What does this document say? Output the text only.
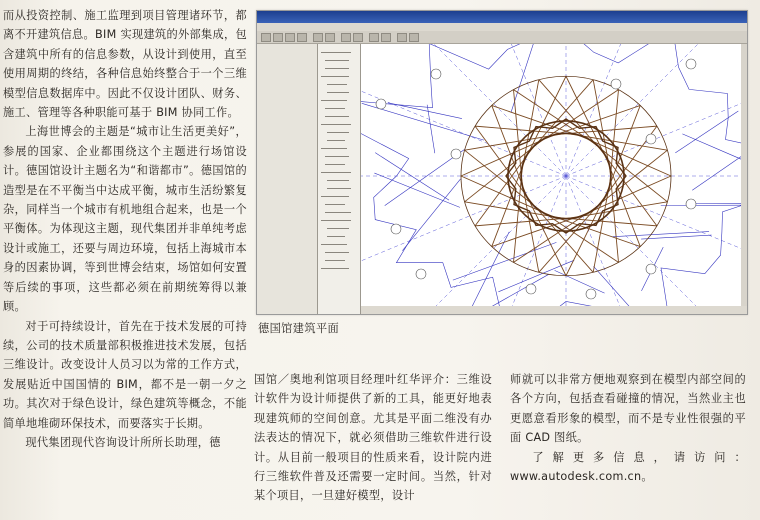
而从投资控制、施工监理到项目管理诸环节，都离不开建筑信息。BIM 实现建筑的外部集成，包含建筑中所有的信息参数，从设计到使用，直至使用周期的终结，各种信息始终整合于一个三维模型信息数据库中。因此不仅设计团队、财务、施工、管理等各种职能可基于 BIM 协同工作。

上海世博会的主题是“城市让生活更美好”，参展的国家、企业都围绕这个主题进行场馆设计。德国馆设计主题名为“和谐都市”。德国馆的造型是在不平衡当中达成平衡，城市生活纷繁复杂，同样当一个城市有机地组合起来，也是一个平衡体。为体现这主题，现代集团并非单纯考虑设计或施工，还要与周边环境，包括上海城市本身的因素协调，等到世博会结束，场馆如何安置等后续的事项，这些都必须在前期统筹得以兼顾。

对于可持续设计，首先在于技术发展的可持续，公司的技术质量部积极推进技术发展，包括三维设计。改变设计人员习以为常的工作方式，发展贴近中国国情的 BIM，都不是一朝一夕之功。其次对于绿色设计，绿色建筑等概念，不能简单地堆砌环保技术，而要落实于长期。

现代集团现代咨询设计所所长助理，德

德国馆建筑平面

国馆／奥地利馆项目经理叶红华评介：三维设计软件为设计师提供了新的工具，能更好地表现建筑师的空间创意。尤其是平面二维没有办法表达的情况下，就必须借助三维软件进行设计。从目前一般项目的性质来看，设计院内进行三维软件普及还需要一定时间。当然，针对某个项目，一旦建好模型，设计

师就可以非常方便地观察到在模型内部空间的各个方向，包括查看碰撞的情况，当然业主也更愿意看形象的模型，而不是专业性很强的平面 CAD 图纸。

了解更多信息，请访问：www.autodesk.com.cn。
